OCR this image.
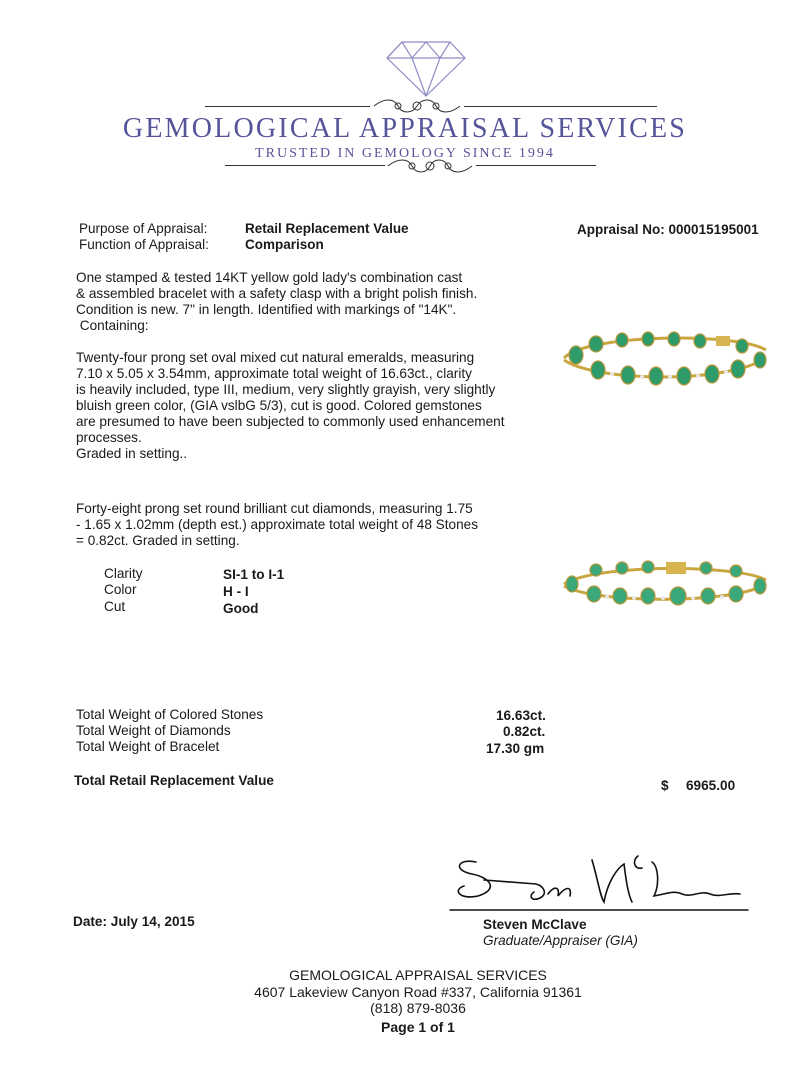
GEMOLOGICAL APPRAISAL SERVICES
TRUSTED IN GEMOLOGY SINCE 1994
Purpose of Appraisal:	Retail Replacement Value
Function of Appraisal:	Comparison
Appraisal No: 000015195001
One stamped & tested 14KT yellow gold lady's combination cast
& assembled bracelet with a safety clasp with a bright polish finish.
Condition is new. 7" in length. Identified with markings of "14K".
Containing:
Twenty-four prong set oval mixed cut natural emeralds, measuring
7.10 x 5.05 x 3.54mm, approximate total weight of 16.63ct., clarity
is heavily included, type III, medium, very slightly grayish, very slightly
bluish green color, (GIA vslbG 5/3), cut is good. Colored gemstones
are presumed to have been subjected to commonly used enhancement
processes.
Graded in setting..
Forty-eight prong set round brilliant cut diamonds, measuring 1.75
- 1.65 x 1.02mm (depth est.) approximate total weight of 48 Stones
= 0.82ct. Graded in setting.
Clarity	SI-1 to I-1
Color	H - I
Cut	Good
Total Weight of Colored Stones	16.63ct.
Total Weight of Diamonds	0.82ct.
Total Weight of Bracelet	17.30 gm
Total Retail Replacement Value	$ 6965.00
Date: July 14, 2015	Steven McClave
Graduate/Appraiser (GIA)
GEMOLOGICAL APPRAISAL SERVICES
4607 Lakeview Canyon Road #337, California 91361
(818) 879-8036
Page 1 of 1
